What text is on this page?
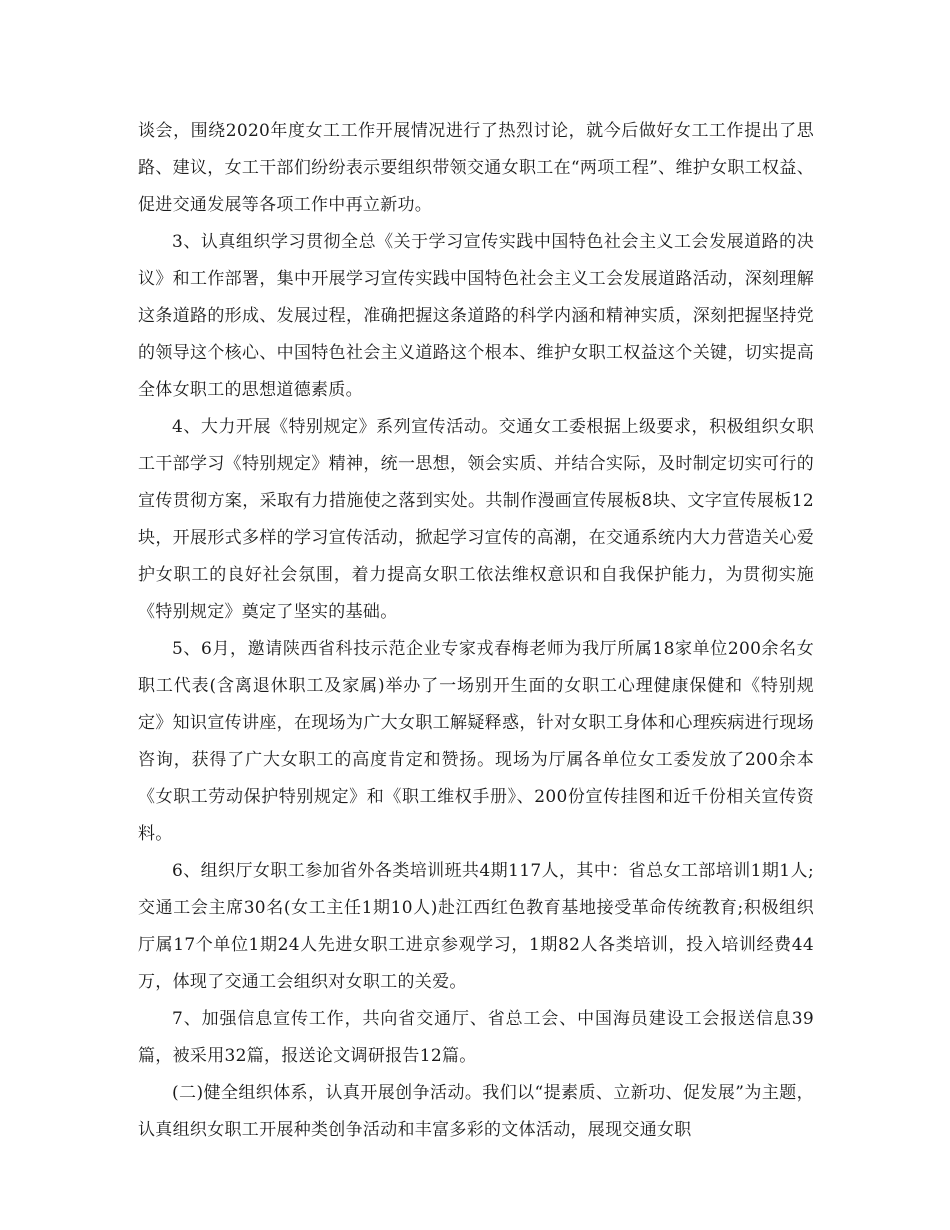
谈会，围绕2020年度女工工作开展情况进行了热烈讨论，就今后做好女工工作提出了思路、建议，女工干部们纷纷表示要组织带领交通女职工在“两项工程”、维护女职工权益、促进交通发展等各项工作中再立新功。

3、认真组织学习贯彻全总《关于学习宣传实践中国特色社会主义工会发展道路的决议》和工作部署，集中开展学习宣传实践中国特色社会主义工会发展道路活动，深刻理解这条道路的形成、发展过程，准确把握这条道路的科学内涵和精神实质，深刻把握坚持党的领导这个核心、中国特色社会主义道路这个根本、维护女职工权益这个关键，切实提高全体女职工的思想道德素质。

4、大力开展《特别规定》系列宣传活动。交通女工委根据上级要求，积极组织女职工干部学习《特别规定》精神，统一思想，领会实质、并结合实际，及时制定切实可行的宣传贯彻方案，采取有力措施使之落到实处。共制作漫画宣传展板8块、文字宣传展板12块，开展形式多样的学习宣传活动，掀起学习宣传的高潮，在交通系统内大力营造关心爱护女职工的良好社会氛围，着力提高女职工依法维权意识和自我保护能力，为贯彻实施《特别规定》奠定了坚实的基础。

5、6月，邀请陕西省科技示范企业专家戎春梅老师为我厅所属18家单位200余名女职工代表(含离退休职工及家属)举办了一场别开生面的女职工心理健康保健和《特别规定》知识宣传讲座，在现场为广大女职工解疑释惑，针对女职工身体和心理疾病进行现场咨询，获得了广大女职工的高度肯定和赞扬。现场为厅属各单位女工委发放了200余本《女职工劳动保护特别规定》和《职工维权手册》、200份宣传挂图和近千份相关宣传资料。

6、组织厅女职工参加省外各类培训班共4期117人，其中：省总女工部培训1期1人;交通工会主席30名(女工主任1期10人)赴江西红色教育基地接受革命传统教育;积极组织厅属17个单位1期24人先进女职工进京参观学习，1期82人各类培训，投入培训经费44万，体现了交通工会组织对女职工的关爱。

7、加强信息宣传工作，共向省交通厅、省总工会、中国海员建设工会报送信息39篇，被采用32篇，报送论文调研报告12篇。

(二)健全组织体系，认真开展创争活动。我们以“提素质、立新功、促发展”为主题，认真组织女职工开展种类创争活动和丰富多彩的文体活动，展现交通女职
